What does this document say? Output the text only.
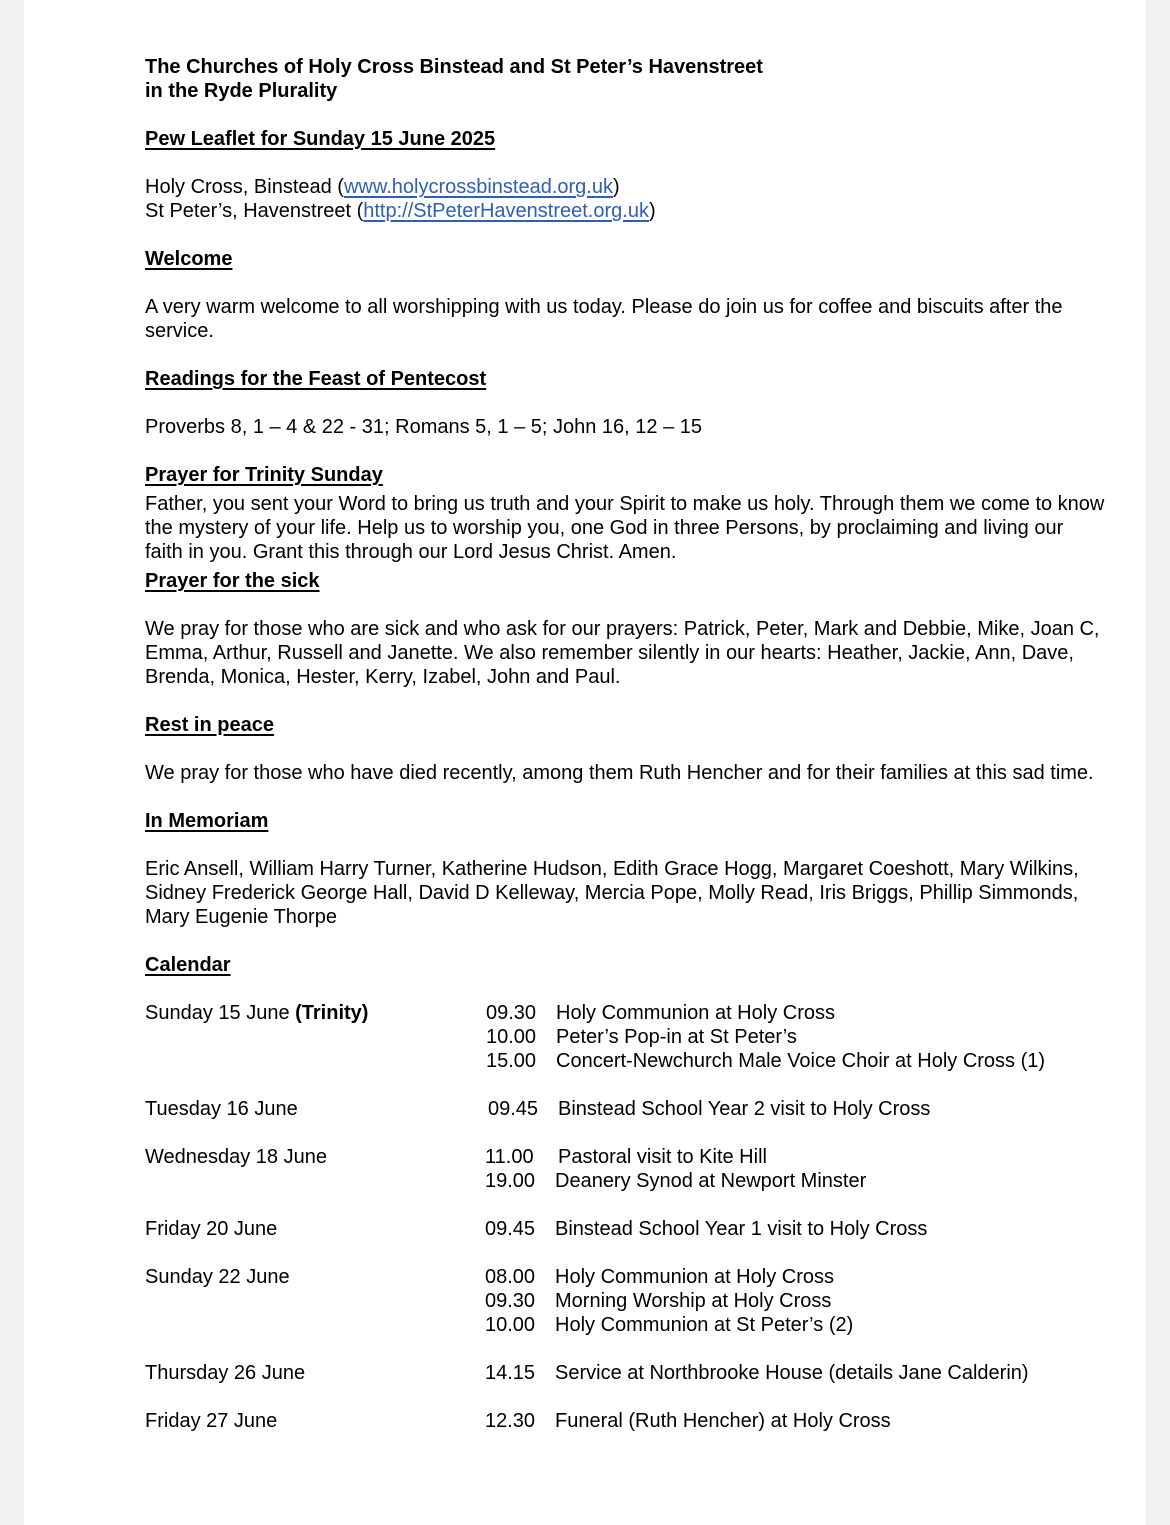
The Churches of Holy Cross Binstead and St Peter’s Havenstreet
in the Ryde Plurality
Pew Leaflet for Sunday 15 June 2025
Holy Cross, Binstead (www.holycrossbinstead.org.uk)
St Peter’s, Havenstreet (http://StPeterHavenstreet.org.uk)
Welcome

A very warm welcome to all worshipping with us today. Please do join us for coffee and biscuits after the service.

Readings for the Feast of Pentecost

Proverbs 8, 1 – 4 & 22 - 31; Romans 5, 1 – 5; John 16, 12 – 15

Prayer for Trinity Sunday

Father, you sent your Word to bring us truth and your Spirit to make us holy. Through them we come to know the mystery of your life. Help us to worship you, one God in three Persons, by proclaiming and living our faith in you. Grant this through our Lord Jesus Christ. Amen.

Prayer for the sick

We pray for those who are sick and who ask for our prayers: Patrick, Peter, Mark and Debbie, Mike, Joan C, Emma, Arthur, Russell and Janette. We also remember silently in our hearts: Heather, Jackie, Ann, Dave, Brenda, Monica, Hester, Kerry, Izabel, John and Paul.

Rest in peace

We pray for those who have died recently, among them Ruth Hencher and for their families at this sad time.

In Memoriam

Eric Ansell, William Harry Turner, Katherine Hudson, Edith Grace Hogg, Margaret Coeshott, Mary Wilkins, Sidney Frederick George Hall, David D Kelleway, Mercia Pope, Molly Read, Iris Briggs, Phillip Simmonds, Mary Eugenie Thorpe

Calendar
Sunday 15 June (Trinity)	09.30 Holy Communion at Holy Cross
10.00 Peter’s Pop-in at St Peter’s
15.00 Concert-Newchurch Male Voice Choir at Holy Cross (1)
Tuesday 16 June	09.45 Binstead School Year 2 visit to Holy Cross
Wednesday 18 June	11.00	Pastoral visit to Kite Hill
19.00 Deanery Synod at Newport Minster
Friday 20 June	09.45 Binstead School Year 1 visit to Holy Cross
Sunday 22 June	08.00 Holy Communion at Holy Cross
09.30 Morning Worship at Holy Cross
10.00 Holy Communion at St Peter’s (2)
Thursday 26 June	14.15 Service at Northbrooke House (details Jane Calderin)
Friday 27 June	12.30 Funeral (Ruth Hencher) at Holy Cross
